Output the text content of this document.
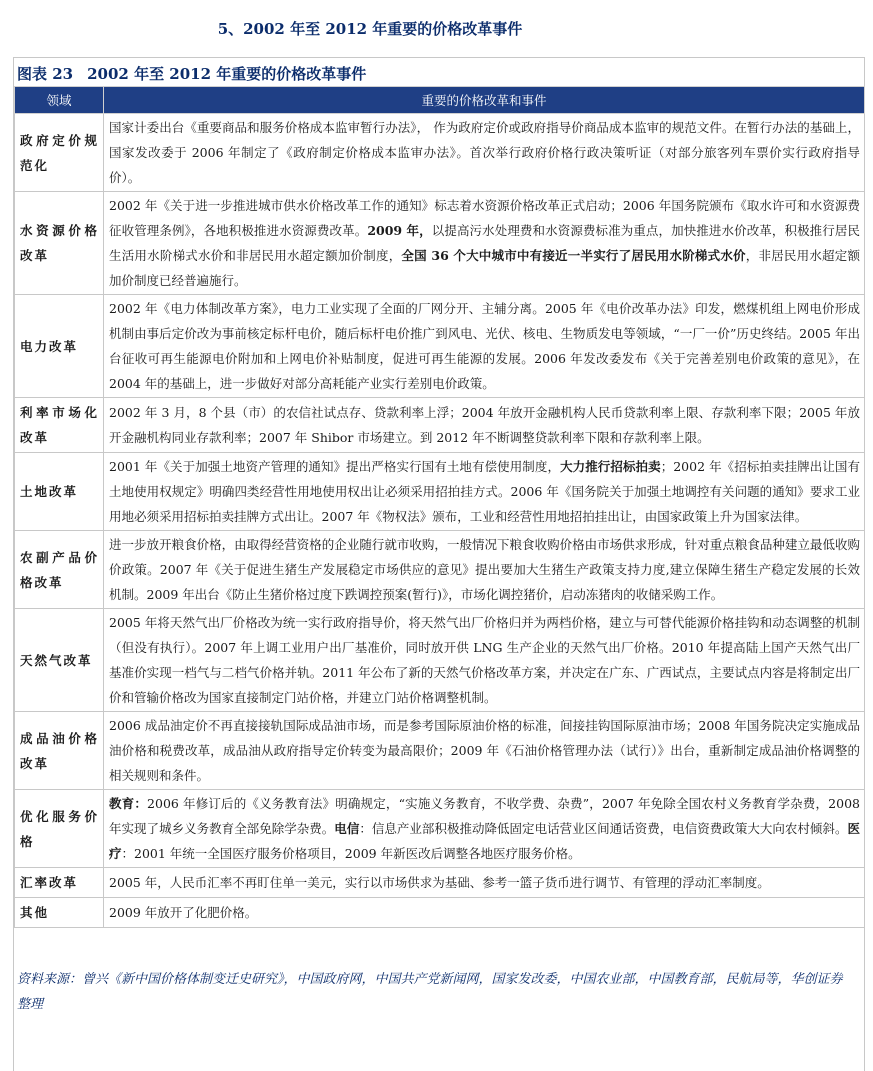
5、2002 年至 2012 年重要的价格改革事件
图表 23 2002 年至 2012 年重要的价格改革事件
领域	重要的价格改革和事件
政府定价规范化	国家计委出台《重要商品和服务价格成本监审暂行办法》， 作为政府定价或政府指导价商品成本监审的规范文件。在暂行办法的基础上，国家发改委于 2006 年制定了《政府制定价格成本监审办法》。首次举行政府价格行政决策听证（对部分旅客列车票价实行政府指导价）。
水资源价格改革	2002 年《关于进一步推进城市供水价格改革工作的通知》标志着水资源价格改革正式启动；2006 年国务院颁布《取水许可和水资源费征收管理条例》，各地积极推进水资源费改革。2009 年，以提高污水处理费和水资源费标准为重点，加快推进水价改革，积极推行居民生活用水阶梯式水价和非居民用水超定额加价制度，全国 36 个大中城市中有接近一半实行了居民用水阶梯式水价，非居民用水超定额加价制度已经普遍施行。
电力改革	2002 年《电力体制改革方案》，电力工业实现了全面的厂网分开、主辅分离。2005 年《电价改革办法》印发，燃煤机组上网电价形成机制由事后定价改为事前核定标杆电价，随后标杆电价推广到风电、光伏、核电、生物质发电等领域，“一厂一价”历史终结。2005 年出台征收可再生能源电价附加和上网电价补贴制度，促进可再生能源的发展。2006 年发改委发布《关于完善差别电价政策的意见》，在 2004 年的基础上，进一步做好对部分高耗能产业实行差别电价政策。
利率市场化改革	2002 年 3 月，8 个县（市）的农信社试点存、贷款利率上浮；2004 年放开金融机构人民币贷款利率上限、存款利率下限；2005 年放开金融机构同业存款利率；2007 年 Shibor 市场建立。到 2012 年不断调整贷款利率下限和存款利率上限。
土地改革	2001 年《关于加强土地资产管理的通知》提出严格实行国有土地有偿使用制度，大力推行招标拍卖；2002 年《招标拍卖挂牌出让国有土地使用权规定》明确四类经营性用地使用权出让必须采用招拍挂方式。2006 年《国务院关于加强土地调控有关问题的通知》要求工业用地必须采用招标拍卖挂牌方式出让。2007 年《物权法》颁布，工业和经营性用地招拍挂出让，由国家政策上升为国家法律。
农副产品价格改革	进一步放开粮食价格，由取得经营资格的企业随行就市收购，一般情况下粮食收购价格由市场供求形成，针对重点粮食品种建立最低收购价政策。2007 年《关于促进生猪生产发展稳定市场供应的意见》提出要加大生猪生产政策支持力度,建立保障生猪生产稳定发展的长效机制。2009 年出台《防止生猪价格过度下跌调控预案(暂行)》，市场化调控猪价，启动冻猪肉的收储采购工作。
天然气改革	2005 年将天然气出厂价格改为统一实行政府指导价，将天然气出厂价格归并为两档价格，建立与可替代能源价格挂钩和动态调整的机制（但没有执行）。2007 年上调工业用户出厂基准价，同时放开供 LNG 生产企业的天然气出厂价格。2010 年提高陆上国产天然气出厂基准价实现一档气与二档气价格并轨。2011 年公布了新的天然气价格改革方案，并决定在广东、广西试点，主要试点内容是将制定出厂价和管输价格改为国家直接制定门站价格，并建立门站价格调整机制。
成品油价格改革	2006 成品油定价不再直接接轨国际成品油市场，而是参考国际原油价格的标准，间接挂钩国际原油市场；2008 年国务院决定实施成品油价格和税费改革，成品油从政府指导定价转变为最高限价；2009 年《石油价格管理办法（试行）》出台，重新制定成品油价格调整的相关规则和条件。
优化服务价格	教育：2006 年修订后的《义务教育法》明确规定，“实施义务教育，不收学费、杂费”，2007 年免除全国农村义务教育学杂费，2008 年实现了城乡义务教育全部免除学杂费。电信：信息产业部积极推动降低固定电话营业区间通话资费，电信资费政策大大向农村倾斜。医疗：2001 年统一全国医疗服务价格项目，2009 年新医改后调整各地医疗服务价格。
汇率改革	2005 年，人民币汇率不再盯住单一美元，实行以市场供求为基础、参考一篮子货币进行调节、有管理的浮动汇率制度。
其他	2009 年放开了化肥价格。
资料来源：曾兴《新中国价格体制变迁史研究》，中国政府网，中国共产党新闻网，国家发改委，中国农业部，中国教育部，民航局等，华创证券整理
